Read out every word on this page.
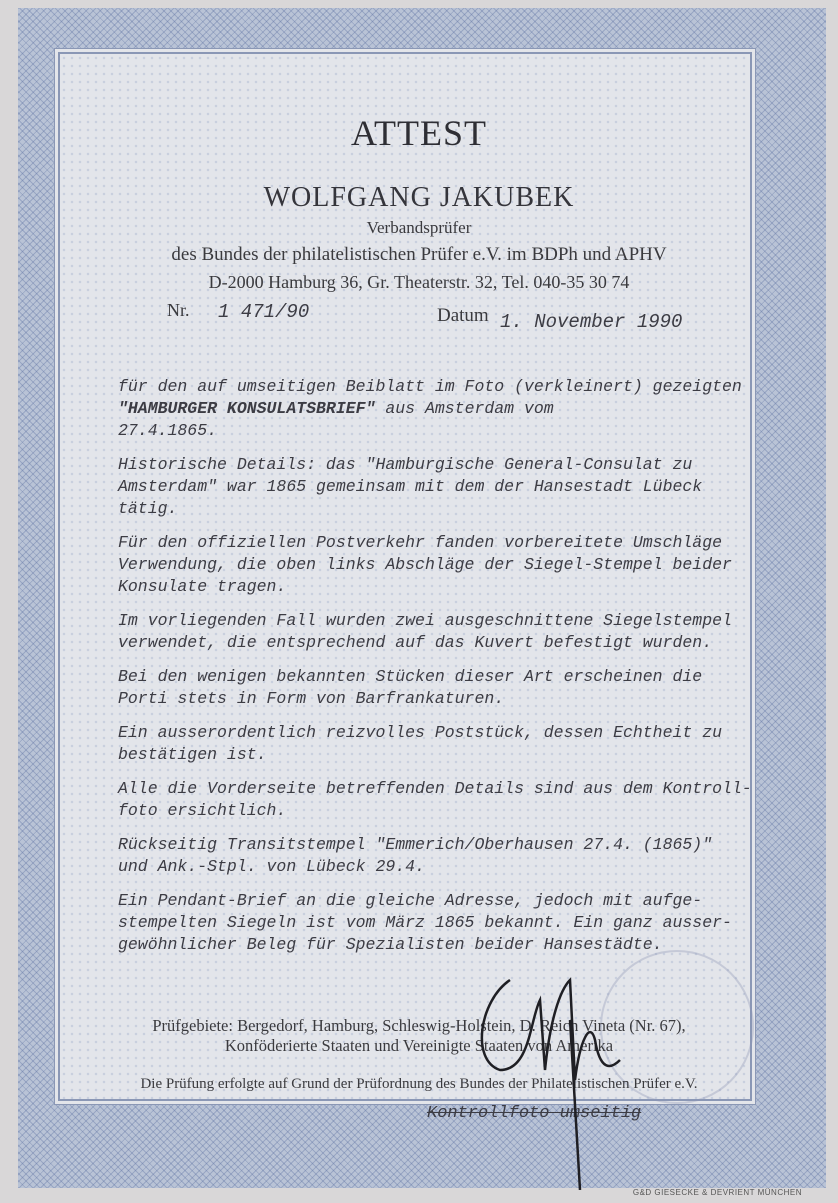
ATTEST
WOLFGANG JAKUBEK
Verbandsprüfer
des Bundes der philatelistischen Prüfer e.V. im BDPh und APHV
D-2000 Hamburg 36, Gr. Theaterstr. 32, Tel. 040-35 30 74
Nr. 1 471/90	Datum 1. November 1990

für den auf umseitigen Beiblatt im Foto (verkleinert) gezeigten
"HAMBURGER KONSULATSBRIEF" aus Amsterdam vom
27.4.1865.

Historische Details: das "Hamburgische General-Consulat zu
Amsterdam" war 1865 gemeinsam mit dem der Hansestadt Lübeck tätig.

Für den offiziellen Postverkehr fanden vorbereitete Umschläge
Verwendung, die oben links Abschläge der Siegel-Stempel beider
Konsulate tragen.

Im vorliegenden Fall wurden zwei ausgeschnittene Siegelstempel
verwendet, die entsprechend auf das Kuvert befestigt wurden.

Bei den wenigen bekannten Stücken dieser Art erscheinen die
Porti stets in Form von Barfrankaturen.

Ein ausserordentlich reizvolles Poststück, dessen Echtheit zu
bestätigen ist.

Alle die Vorderseite betreffenden Details sind aus dem Kontroll-
foto ersichtlich.

Rückseitig Transitstempel "Emmerich/Oberhausen 27.4. (1865)"
und Ank.-Stpl. von Lübeck 29.4.

Ein Pendant-Brief an die gleiche Adresse, jedoch mit aufge-
stempelten Siegeln ist vom März 1865 bekannt. Ein ganz ausser-
gewöhnlicher Beleg für Spezialisten beider Hansestädte.

Prüfgebiete: Bergedorf, Hamburg, Schleswig-Holstein, D. Reich Vineta (Nr. 67),
Konföderierte Staaten und Vereinigte Staaten von Amerika
Die Prüfung erfolgte auf Grund der Prüfordnung des Bundes der Philatelistischen Prüfer e.V.
Kontrollfoto umseitig
G&D GIESECKE & DEVRIENT MÜNCHEN
